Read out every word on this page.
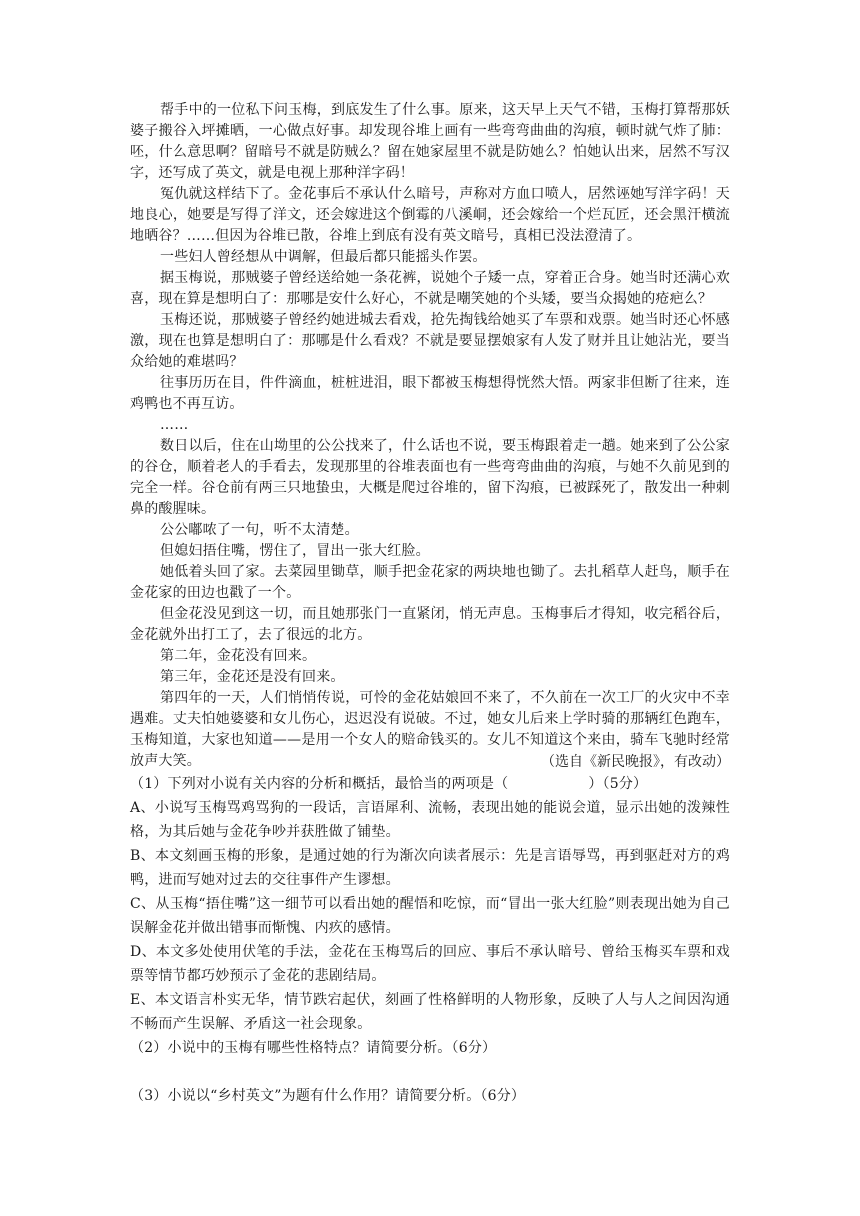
帮手中的一位私下问玉梅，到底发生了什么事。原来，这天早上天气不错，玉梅打算帮那妖婆子搬谷入坪摊晒，一心做点好事。却发现谷堆上画有一些弯弯曲曲的沟痕，顿时就气炸了肺：呸，什么意思啊？留暗号不就是防贼么？留在她家屋里不就是防她么？怕她认出来，居然不写汉字，还写成了英文，就是电视上那种洋字码！

冤仇就这样结下了。金花事后不承认什么暗号，声称对方血口喷人，居然诬她写洋字码！天地良心，她要是写得了洋文，还会嫁进这个倒霉的八溪峒，还会嫁给一个烂瓦匠，还会黑汗横流地晒谷？……但因为谷堆已散，谷堆上到底有没有英文暗号，真相已没法澄清了。

一些妇人曾经想从中调解，但最后都只能摇头作罢。

据玉梅说，那贼婆子曾经送给她一条花裤，说她个子矮一点，穿着正合身。她当时还满心欢喜，现在算是想明白了：那哪是安什么好心，不就是嘲笑她的个头矮，要当众揭她的疮疤么？

玉梅还说，那贼婆子曾经约她进城去看戏，抢先掏钱给她买了车票和戏票。她当时还心怀感激，现在也算是想明白了：那哪是什么看戏？不就是要显摆娘家有人发了财并且让她沾光，要当众给她的难堪吗？

往事历历在目，件件滴血，桩桩进泪，眼下都被玉梅想得恍然大悟。两家非但断了往来，连鸡鸭也不再互访。

……

数日以后，住在山坳里的公公找来了，什么话也不说，要玉梅跟着走一趟。她来到了公公家的谷仓，顺着老人的手看去，发现那里的谷堆表面也有一些弯弯曲曲的沟痕，与她不久前见到的完全一样。谷仓前有两三只地蛰虫，大概是爬过谷堆的，留下沟痕，已被踩死了，散发出一种刺鼻的酸腥味。

公公嘟哝了一句，听不太清楚。

但媳妇捂住嘴，愣住了，冒出一张大红脸。

她低着头回了家。去菜园里锄草，顺手把金花家的两块地也锄了。去扎稻草人赶鸟，顺手在金花家的田边也戳了一个。

但金花没见到这一切，而且她那张门一直紧闭，悄无声息。玉梅事后才得知，收完稻谷后，金花就外出打工了，去了很远的北方。

第二年，金花没有回来。

第三年，金花还是没有回来。

第四年的一天，人们悄悄传说，可怜的金花姑娘回不来了，不久前在一次工厂的火灾中不幸遇难。丈夫怕她婆婆和女儿伤心，迟迟没有说破。不过，她女儿后来上学时骑的那辆红色跑车，玉梅知道，大家也知道——是用一个女人的赔命钱买的。女儿不知道这个来由，骑车飞驰时经常放声大笑。	（选自《新民晚报》，有改动）

（1）下列对小说有关内容的分析和概括，最恰当的两项是（	）（5分）

A、小说写玉梅骂鸡骂狗的一段话，言语犀利、流畅，表现出她的能说会道，显示出她的泼辣性格，为其后她与金花争吵并获胜做了铺垫。

B、本文刻画玉梅的形象，是通过她的行为渐次向读者展示：先是言语辱骂，再到驱赶对方的鸡鸭，进而写她对过去的交往事件产生谬想。

C、从玉梅“捂住嘴”这一细节可以看出她的醒悟和吃惊，而“冒出一张大红脸”则表现出她为自己误解金花并做出错事而惭愧、内疚的感情。

D、本文多处使用伏笔的手法，金花在玉梅骂后的回应、事后不承认暗号、曾给玉梅买车票和戏票等情节都巧妙预示了金花的悲剧结局。

E、本文语言朴实无华，情节跌宕起伏，刻画了性格鲜明的人物形象，反映了人与人之间因沟通不畅而产生误解、矛盾这一社会现象。

（2）小说中的玉梅有哪些性格特点？请简要分析。（6分）

（3）小说以“乡村英文”为题有什么作用？请简要分析。（6分）
